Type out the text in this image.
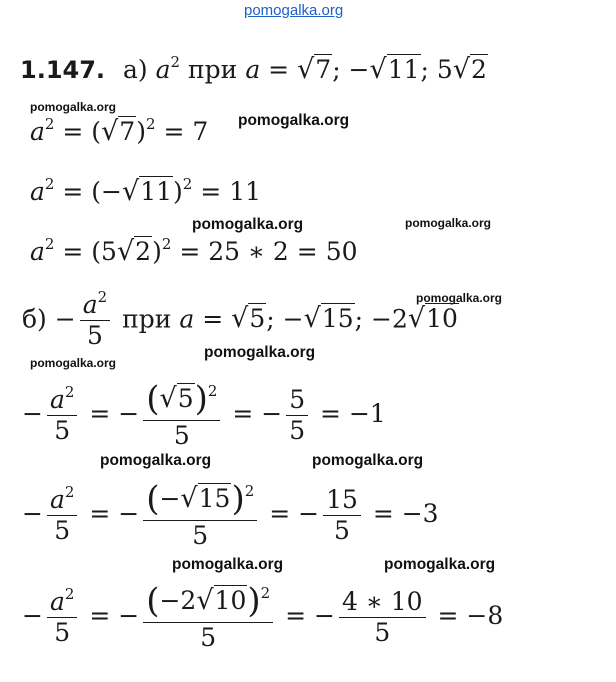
pomogalka.org
1.147. а) $a^2$ при a = √7; −√11; 5√2
pomogalka.org
$a^2 = (√7)^2 = 7$ pomogalka.org
$a^2 = (-√11)^2 = 11$
pomogalka.org	pomogalka.org
$a^2 = (5√2)^2 = 25$ ∗ 2 = 50
pomogalka.org
$б) - \frac{a^2}{5}$ при a = √5; −√15; −2√10
pomogalka.org
pomogalka.org
− $\frac{a^2}{5}$ = − $\frac{(√5)^2}{5}$ = − $\frac{5}{5} = -1$
pomogalka.org	pomogalka.org
− $\frac{a^2}{5}$ = − $\frac{(-√15)^2}{5}$ = − $\frac{15}{5} = -3$
pomogalka.org	pomogalka.org
− $\frac{a^2}{5}$ = − $\frac{(-2√10)^2}{5}$ = − $\frac{4 ∗ 10}{5} = -8$
